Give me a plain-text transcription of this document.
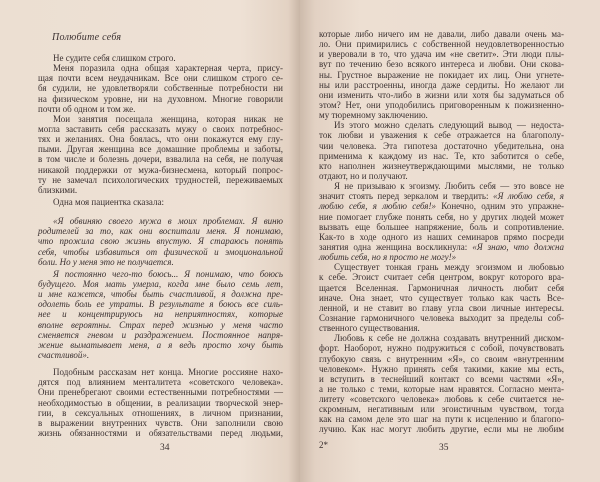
Полюбите себя
Не судите себя слишком строго.
Меня поразила одна общая характерная черта, прису-
щая почти всем неудачникам. Все они слишком строго се-
бя судили, не удовлетворяли собственные потребности ни
на физическом уровне, ни на духовном. Многие говорили
почти об одном и том же.
Мои занятия посещала женщина, которая никак не
могла заставить себя рассказать мужу о своих потребнос-
тях и желаниях. Она боялась, что они покажутся ему глу-
пыми. Другая женщина все домашние проблемы и заботы,
в том числе и болезнь дочери, взвалила на себя, не получая
никакой поддержки от мужа-бизнесмена, который попрос-
ту не замечал психологических трудностей, переживаемых
близкими.
Одна моя пациентка сказала:
«Я обвиняю своего мужа в моих проблемах. Я виню
родителей за то, как они воспитали меня. Я понимаю,
что прожила свою жизнь впустую. Я стараюсь понять
себя, чтобы избавиться от физической и эмоциональной
боли. Но у меня это не получается.
Я постоянно чего-то боюсь... Я понимаю, что боюсь
будущего. Моя мать умерла, когда мне было семь лет,
и мне кажется, чтобы быть счастливой, я должна пре-
одолеть боль ее утраты. В результате я боюсь все силь-
нее и концентрируюсь на неприятностях, которые
вполне вероятны. Страх перед жизнью у меня часто
сменяется гневом и раздражением. Постоянное напря-
жение выматывает меня, а я ведь просто хочу быть
счастливой».
Подобным рассказам нет конца. Многие россияне нахо-
дятся под влиянием менталитета «советского человека».
Они пренебрегают своими естественными потребностями —
необходимостью в общении, в реализации творческой энер-
гии, в сексуальных отношениях, в личном признании,
в выражении внутренних чувств. Они заполнили свою
жизнь обязанностями и обязательствами перед людьми,
34
которые либо ничего им не давали, либо давали очень ма-
ло. Они примирились с собственной неудовлетворенностью
и уверовали в то, что удача им «не светит». Эти люди плы-
вут по течению безо всякого интереса и любви. Они скова-
ны. Грустное выражение не покидает их лиц. Они угнете-
ны или расстроенны, иногда даже сердиты. Но желают ли
они изменить что-либо в жизни или хотя бы задуматься об
этом? Нет, они уподобились приговоренным к пожизненно-
му тюремному заключению.
Из этого можно сделать следующий вывод — недоста-
ток любви и уважения к себе отражается на благополу-
чии человека. Эта гипотеза достаточно убедительна, она
применима к каждому из нас. Те, кто заботится о себе,
кто наполнен жизнеутверждающими мыслями, не только
отдают, но и получают.
Я не призываю к эгоизму. Любить себя — это вовсе не
значит стоять перед зеркалом и твердить: «Я люблю себя, я
люблю себя, я люблю себя!» Конечно, одним это упражне-
ние помогает глубже понять себя, но у других людей может
вызвать еще большее напряжение, боль и сопротивление.
Как-то в ходе одного из наших семинаров прямо посреди
занятия одна женщина воскликнула: «Я знаю, что должна
любить себя, но я просто не могу!»
Существует тонкая грань между эгоизмом и любовью
к себе. Эгоист считает себя центром, вокруг которого вра-
щается Вселенная. Гармоничная личность любит себя
иначе. Она знает, что существует только как часть Все-
ленной, и не ставит во главу угла свои личные интересы.
Сознание гармоничного человека выходит за пределы соб-
ственного существования.
Любовь к себе не должна создавать внутренний диском-
форт. Наоборот, нужно подружиться с собой, почувствовать
глубокую связь с внутренним «Я», со своим «внутренним
человеком». Нужно принять себя такими, какие мы есть,
и вступить в теснейший контакт со всеми частями «Я»,
а не только с теми, которые нам нравятся. Согласно мента-
литету «советского человека» любовь к себе считается не-
скромным, негативным или эгоистичным чувством, тогда
как на самом деле это шаг на пути к исцелению и благопо-
лучию. Как нас могут любить другие, если мы не любим
2*	35
